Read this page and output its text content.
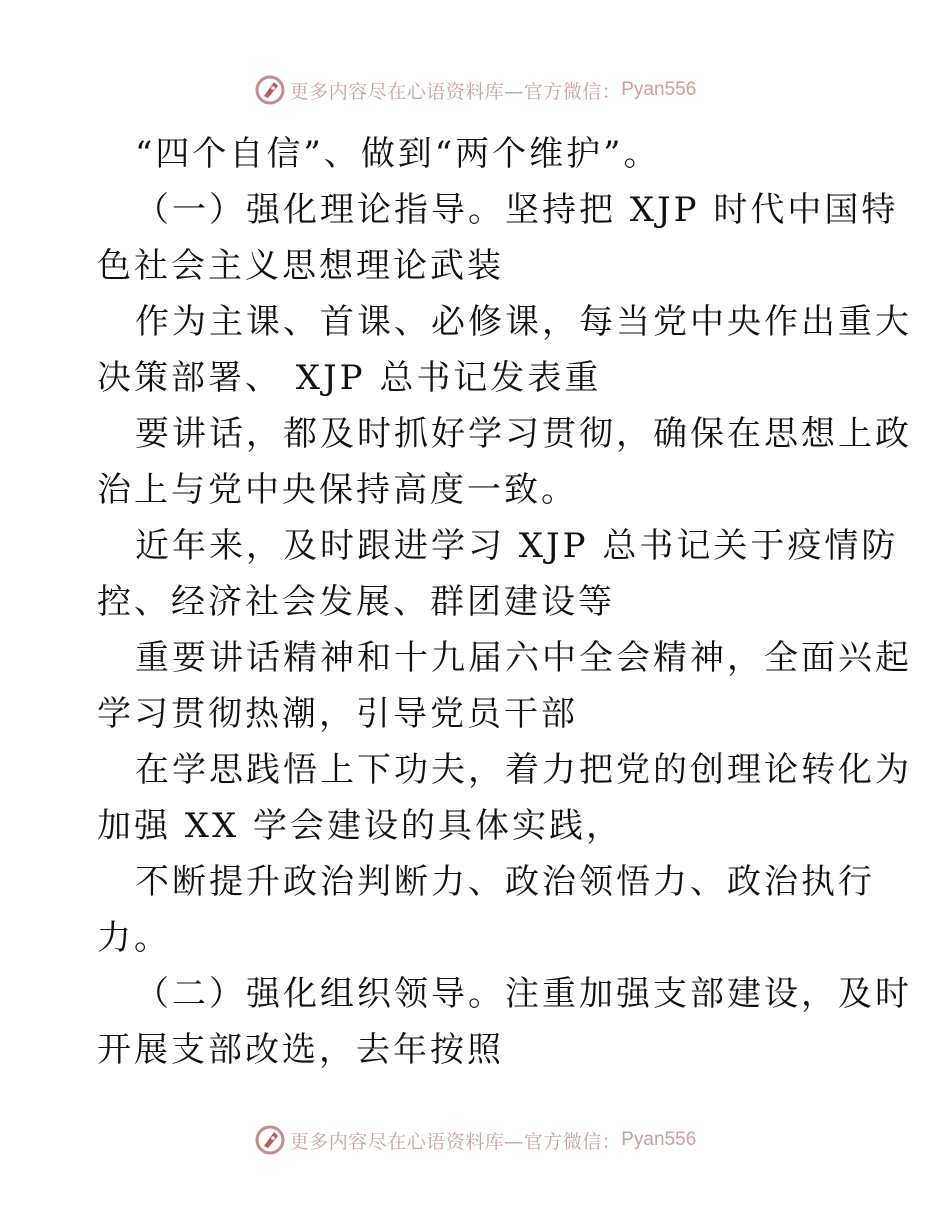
更多内容尽在心语资料库—官方微信： Pyan556
“四个自信”、做到“两个维护”。
（一）强化理论指导。坚持把 XJP 时代中国特
色社会主义思想理论武装
作为主课、首课、必修课，每当党中央作出重大
决策部署、 XJP 总书记发表重
要讲话，都及时抓好学习贯彻，确保在思想上政
治上与党中央保持高度一致。
近年来，及时跟进学习 XJP 总书记关于疫情防
控、经济社会发展、群团建设等
重要讲话精神和十九届六中全会精神，全面兴起
学习贯彻热潮，引导党员干部
在学思践悟上下功夫，着力把党的创理论转化为
加强 XX 学会建设的具体实践，
不断提升政治判断力、政治领悟力、政治执行
力。
（二）强化组织领导。注重加强支部建设，及时
开展支部改选，去年按照
更多内容尽在心语资料库—官方微信： Pyan556
